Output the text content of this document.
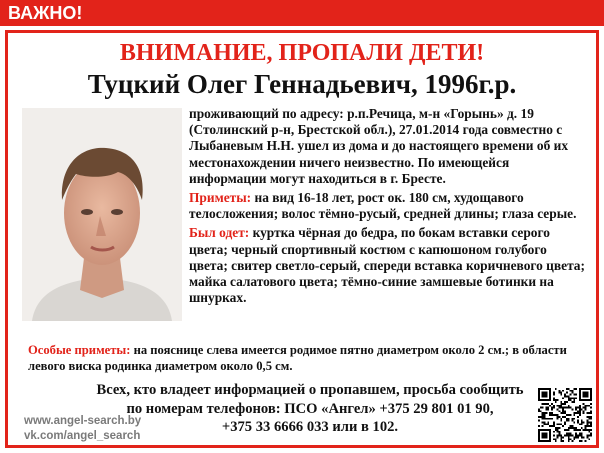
ВАЖНО!
ВНИМАНИЕ, ПРОПАЛИ ДЕТИ!
Туцкий Олег Геннадьевич, 1996г.р.

проживающий по адресу: р.п.Речица, м-н «Горынь» д. 19 (Столинский р-н, Брестской обл.), 27.01.2014 года совместно с Лыбаневым Н.Н. ушел из дома и до настоящего времени об их местонахождении ничего неизвестно. По имеющейся информации могут находиться в г. Бресте.

Приметы: на вид 16-18 лет, рост ок. 180 см, худощавого телосложения; волос тёмно-русый, средней длины; глаза серые.

Был одет: куртка чёрная до бедра, по бокам вставки серого цвета; черный спортивный костюм с капюшоном голубого цвета; свитер светло-серый, спереди вставка коричневого цвета; майка салатового цвета; тёмно-синие замшевые ботинки на шнурках.

Особые приметы: на пояснице слева имеется родимое пятно диаметром около 2 см.; в области левого виска родинка диаметром около 0,5 см.
Всех, кто владеет информацией о пропавшем, просьба сообщить
по номерам телефонов: ПСО «Ангел» +375 29 801 01 90,
+375 33 6666 033 или в 102.
www.angel-search.by
vk.com/angel_search
